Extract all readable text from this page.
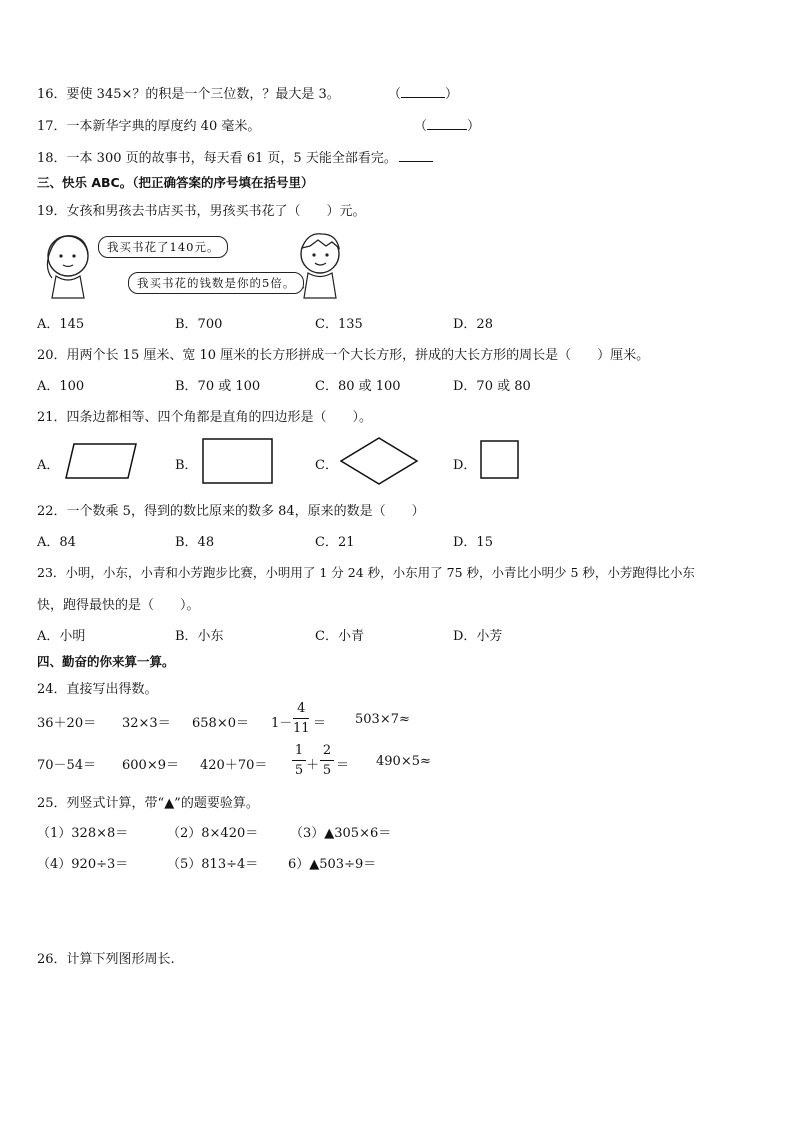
16．要使 345×？的积是一个三位数，？最大是 3。	（	）
17．一本新华字典的厚度约 40 毫米。	（	）
18．一本 300 页的故事书，每天看 61 页，5 天能全部看完。
三、快乐 ABC。（把正确答案的序号填在括号里）
19．女孩和男孩去书店买书，男孩买书花了（　　）元。
我买书花了140元。
我买书花的钱数是你的5倍。
A．145	B．700	C．135	D．28
20．用两个长 15 厘米、宽 10 厘米的长方形拼成一个大长方形，拼成的大长方形的周长是（　　）厘米。
A．100	B．70 或 100	C．80 或 100	D．70 或 80
21．四条边都相等、四个角都是直角的四边形是（　　）。
A．	B．	C．	D．
22．一个数乘 5，得到的数比原来的数多 84，原来的数是（　　）
A．84	B．48	C．21	D．15
23．小明，小东，小青和小芳跑步比赛，小明用了 1 分 24 秒，小东用了 75 秒，小青比小明少 5 秒，小芳跑得比小东
快，跑得最快的是（　　）。
A．小明	B．小东	C．小青	D．小芳
四、勤奋的你来算一算。
24．直接写出得数。
36＋20＝ 32×3＝ 658×0＝ 1－
4
11 ＝ 503×7≈
70－54＝ 600×9＝ 420＋70＝
1
5 ＋
2
5 ＝ 490×5≈
25．列竖式计算，带“▲”的题要验算。
（1）328×8＝	（2）8×420＝ （3）▲305×6＝
（4）920÷3＝	（5）813÷4＝ 6）▲503÷9＝
26．计算下列图形周长.
